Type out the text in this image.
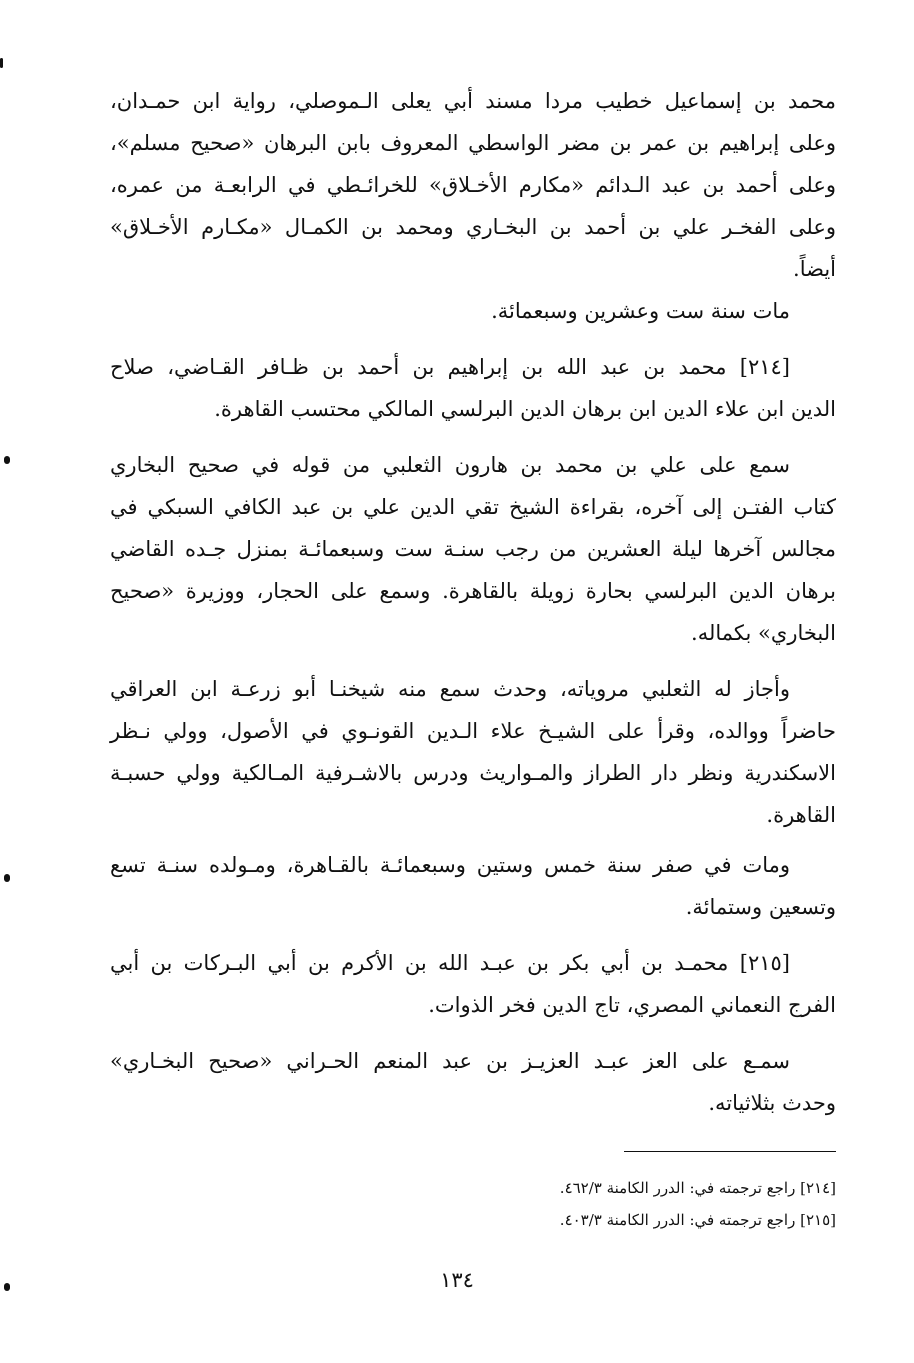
محمد بن إسماعيل خطيب مردا مسند أبي يعلى الـموصلي، رواية ابن حمـدان،
وعلى إبراهيم بن عمر بن مضر الواسطي المعروف بابن البرهان «صحيح مسلم»،
وعلى أحمد بن عبد الـدائم «مكارم الأخـلاق» للخرائـطي في الرابعـة من عمره،
وعلى الفخـر علي بن أحمد بن البخـاري ومحمد بن الكمـال «مكـارم الأخـلاق»
أيضاً.

مات سنة ست وعشرين وسبعمائة.

[٢١٤] محمد بن عبد الله بن إبراهيم بن أحمد بن ظـافر القـاضي، صلاح
الدين ابن علاء الدين ابن برهان الدين البرلسي المالكي محتسب القاهرة.

سمع على علي بن محمد بن هارون الثعلبي من قوله في صحيح البخاري
كتاب الفتـن إلى آخره، بقراءة الشيخ تقي الدين علي بن عبد الكافي السبكي في
مجالس آخرها ليلة العشرين من رجب سنـة ست وسبعمائـة بمنزل جـده القاضي
برهان الدين البرلسي بحارة زويلة بالقاهرة. وسمع على الحجار، ووزيرة «صحيح
البخاري» بكماله.

وأجاز له الثعلبي مروياته، وحدث سمع منه شيخنـا أبو زرعـة ابن العراقي
حاضراً ووالده، وقرأ على الشيـخ علاء الـدين القونـوي في الأصول، وولي نـظر
الاسكندرية ونظر دار الطراز والمـواريث ودرس بالاشـرفية المـالكية وولي حسبـة
القاهرة.

ومات في صفر سنة خمس وستين وسبعمائـة بالقـاهرة، ومـولده سنـة تسع
وتسعين وستمائة.

[٢١٥] محمـد بن أبي بكر بن عبـد الله بن الأكرم بن أبي البـركات بن أبي
الفرج النعماني المصري، تاج الدين فخر الذوات.

سمـع على العز عبـد العزيـز بن عبد المنعم الحـراني «صحيح البخـاري»
وحدث بثلاثياته.

[٢١٤] راجع ترجمته في: الدرر الكامنة ٤٦٢/٣.
[٢١٥] راجع ترجمته في: الدرر الكامنة ٤٠٣/٣.
١٣٤
